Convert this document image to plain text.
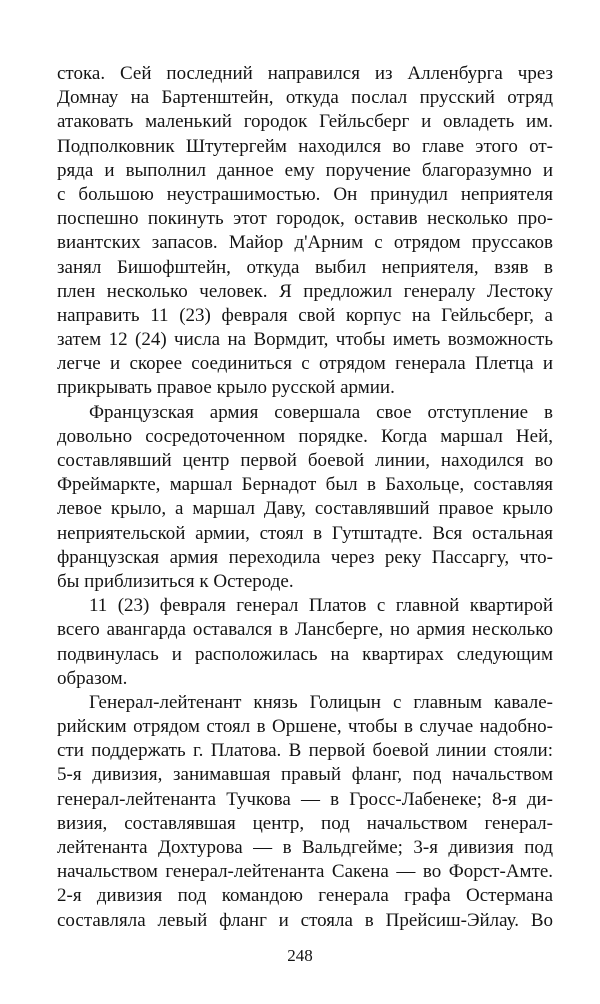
стока. Сей последний направился из Алленбурга чрез
Домнау на Бартенштейн, откуда послал прусский отряд
атаковать маленький городок Гейльсберг и овладеть им.
Подполковник Штутергейм находился во главе этого от-
ряда и выполнил данное ему поручение благоразумно и
с большою неустрашимостью. Он принудил неприятеля
поспешно покинуть этот городок, оставив несколько про-
виантских запасов. Майор д'Арним с отрядом пруссаков
занял Бишофштейн, откуда выбил неприятеля, взяв в
плен несколько человек. Я предложил генералу Лестоку
направить 11 (23) февраля свой корпус на Гейльсберг, а
затем 12 (24) числа на Вормдит, чтобы иметь возможность
легче и скорее соединиться с отрядом генерала Плетца и
прикрывать правое крыло русской армии.
Французская армия совершала свое отступление в
довольно сосредоточенном порядке. Когда маршал Ней,
составлявший центр первой боевой линии, находился во
Фреймаркте, маршал Бернадот был в Бахольце, составляя
левое крыло, а маршал Даву, составлявший правое крыло
неприятельской армии, стоял в Гутштадте. Вся остальная
французская армия переходила через реку Пассаргу, что-
бы приблизиться к Остероде.
11 (23) февраля генерал Платов с главной квартирой
всего авангарда оставался в Лансберге, но армия несколько
подвинулась и расположилась на квартирах следующим
образом.
Генерал-лейтенант князь Голицын с главным кавале-
рийским отрядом стоял в Оршене, чтобы в случае надобно-
сти поддержать г. Платова. В первой боевой линии стояли:
5-я дивизия, занимавшая правый фланг, под начальством
генерал-лейтенанта Тучкова — в Гросс-Лабенеке; 8-я ди-
визия, составлявшая центр, под начальством генерал-
лейтенанта Дохтурова — в Вальдгейме; 3-я дивизия под
начальством генерал-лейтенанта Сакена — во Форст-Амте.
2-я дивизия под командою генерала графа Остермана
составляла левый фланг и стояла в Прейсиш-Эйлау. Во
248
